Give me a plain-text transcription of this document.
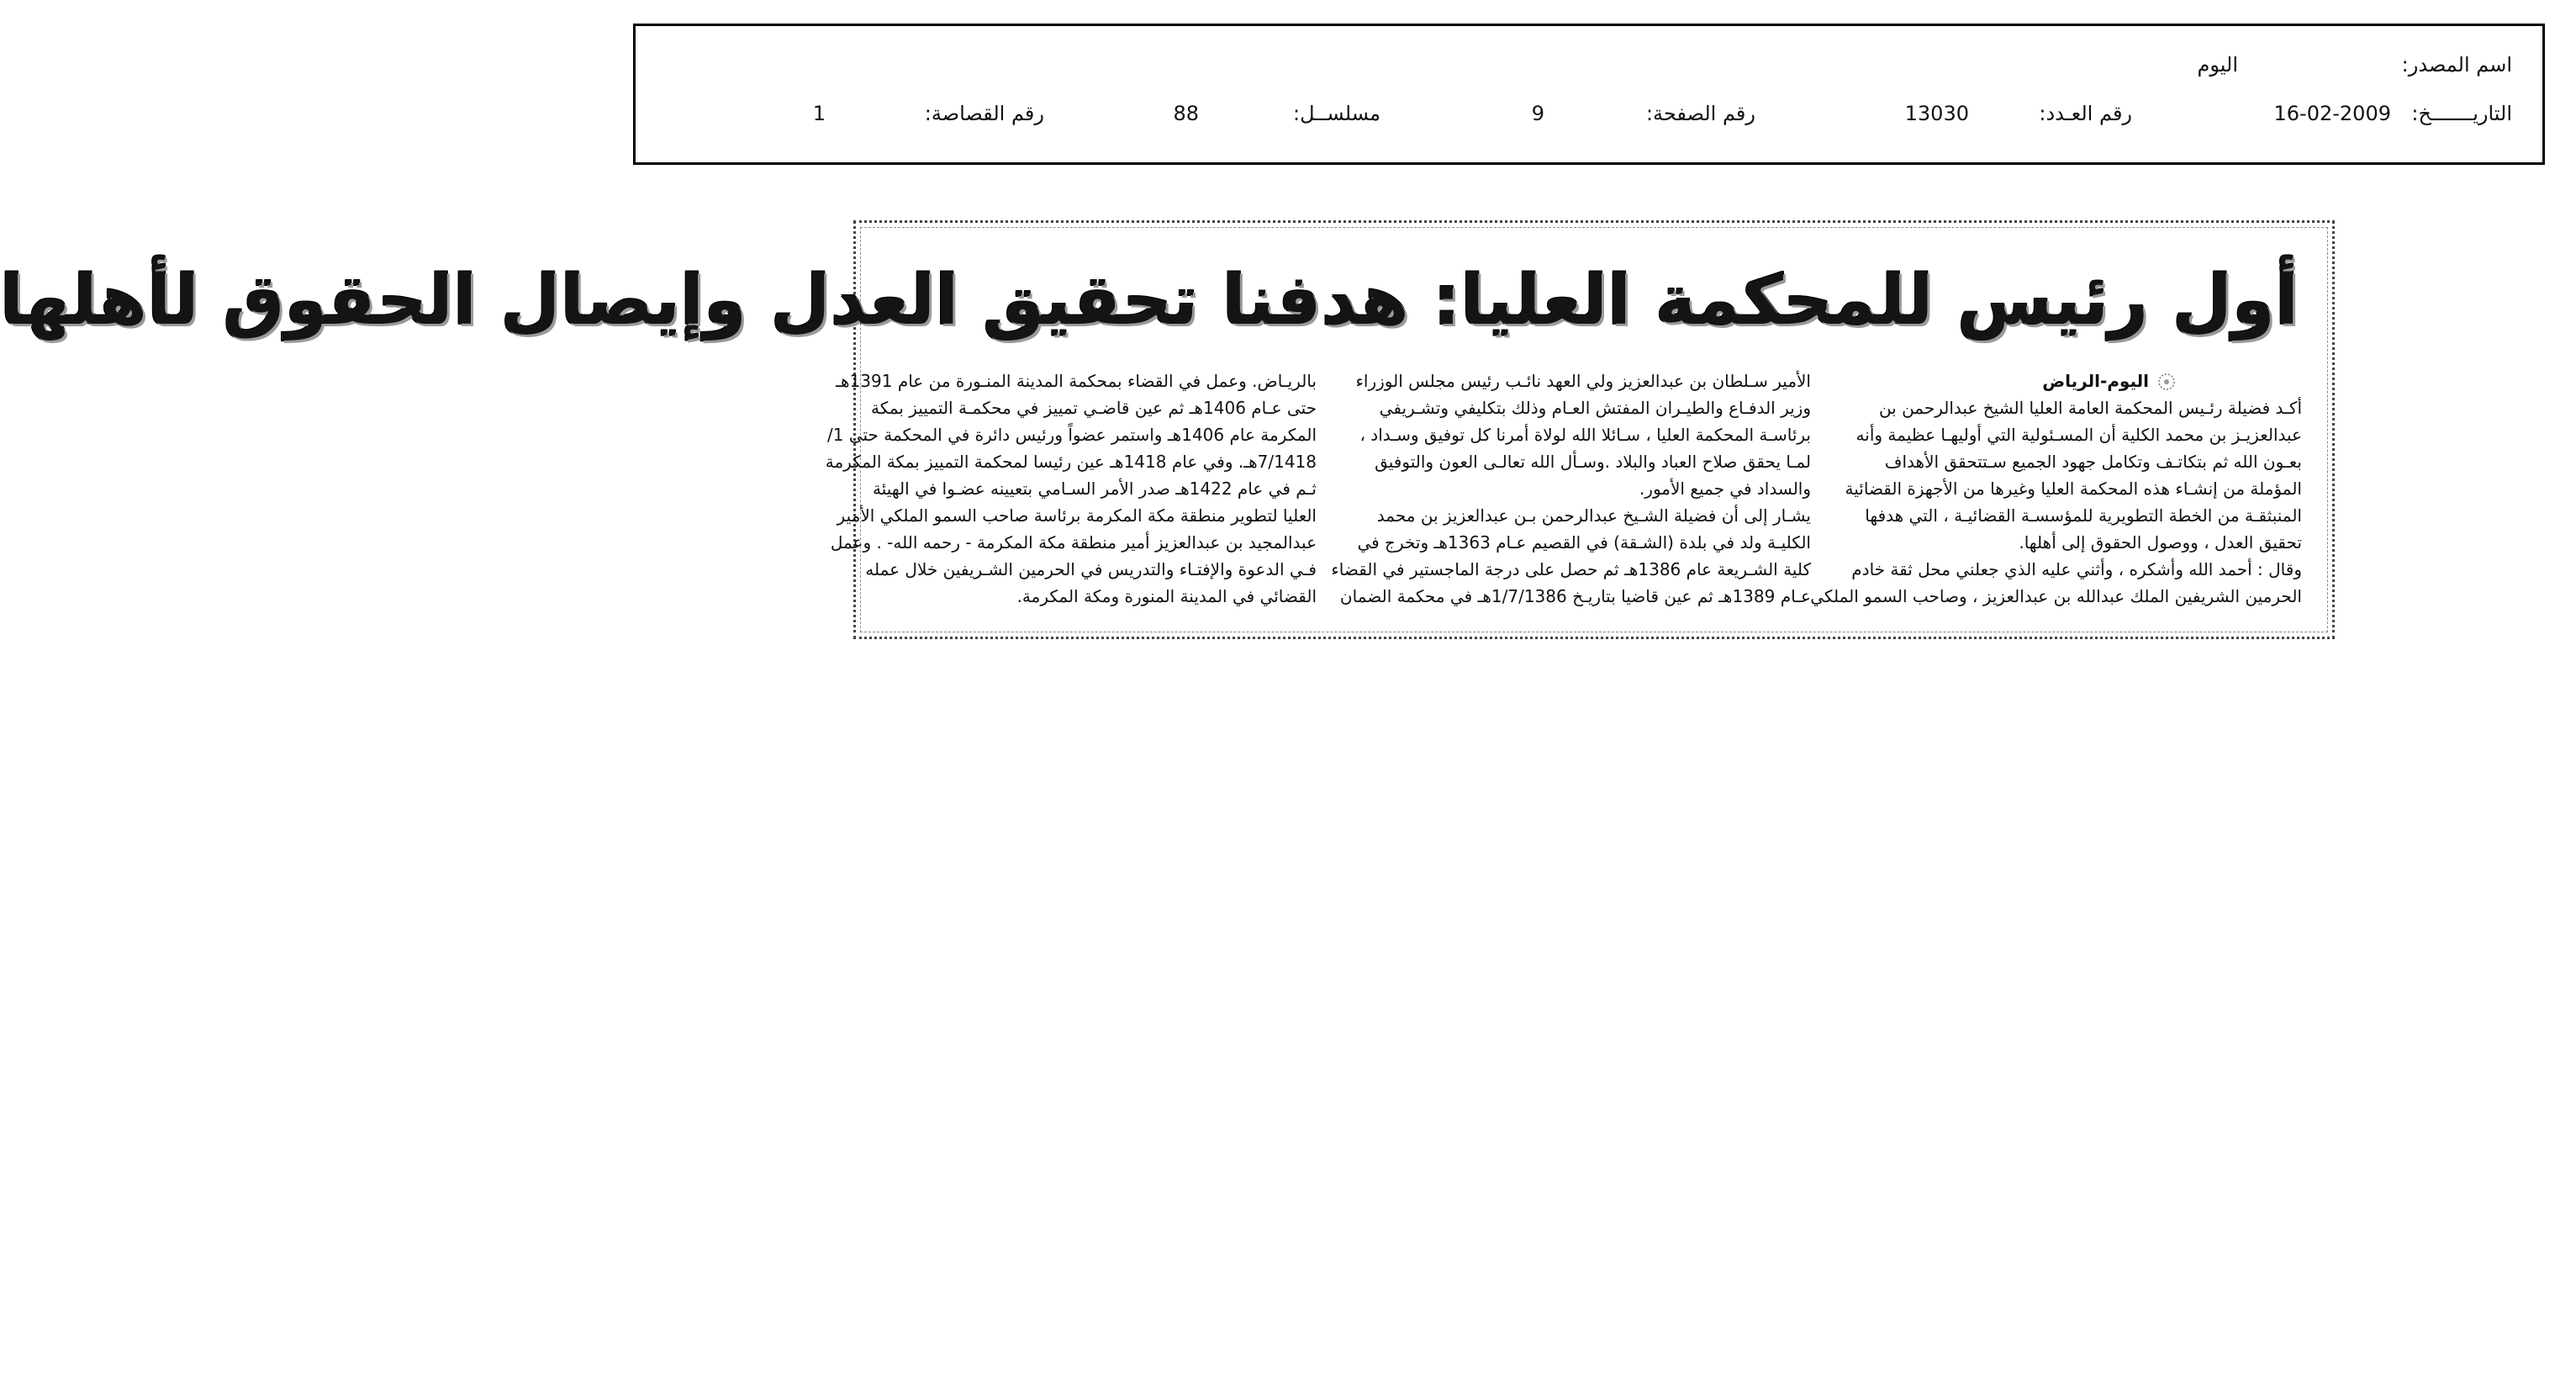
اسم المصدر:
اليوم
التاريـــــــخ:
16-02-2009
رقم العـدد:
13030
رقم الصفحة:
9
مسلســل:
88
رقم القصاصة:
1
أول رئيس للمحكمة العليا: هدفنا تحقيق العدل وإيصال الحقوق لأهلها
اليوم-الرياض
أكـد فضيلة رئـيس المحكمة العامة العليا الشيخ عبدالرحمن بن
عبدالعزيـز بن محمد الكلية أن المسـئولية التي أوليهـا عظيمة وأنه
بعـون الله ثم بتكاتـف وتكامل جهود الجميع سـتتحقق الأهداف
المؤملة من إنشـاء هذه المحكمة العليا وغيرها من الأجهزة القضائية
المنبثقـة من الخطة التطويرية للمؤسسـة القضائيـة ، التي هدفها
تحقيق العدل ، ووصول الحقوق إلى أهلها.
وقال : أحمد الله وأشكره ، وأثني عليه الذي جعلني محل ثقة خادم
الحرمين الشريفين الملك عبدالله بن عبدالعزيز ، وصاحب السمو الملكي
الأمير سـلطان بن عبدالعزيز ولي العهد نائـب رئيس مجلس الوزراء
وزير الدفـاع والطيـران المفتش العـام وذلك بتكليفي وتشـريفي
برئاسـة المحكمة العليا ، سـائلا الله لولاة أمرنا كل توفيق وسـداد ،
لمـا يحقق صلاح العباد والبلاد .وسـأل الله تعالـى العون والتوفيق
والسداد في جميع الأمور.
يشـار إلى أن فضيلة الشـيخ عبدالرحمن بـن عبدالعزيز بن محمد
الكليـة ولد في بلدة (الشـقة) في القصيم عـام 1363هـ وتخرج في
كلية الشـريعة عام 1386هـ ثم حصل على درجة الماجستير في القضاء
عـام 1389هـ ثم عين قاضيا بتاريـخ 1/7/1386هـ في محكمة الضمان
بالريـاض. وعمل في القضاء بمحكمة المدينة المنـورة من عام 1391هـ
حتى عـام 1406هـ ثم عين قاضـي تمييز في محكمـة التمييز بمكة
المكرمة عام 1406هـ واستمر عضواً ورئيس دائرة في المحكمة حتى 1/
7/1418هـ. وفي عام 1418هـ عين رئيسا لمحكمة التمييز بمكة المكرمة
ثـم في عام 1422هـ صدر الأمر السـامي بتعيينه عضـوا في الهيئة
العليا لتطوير منطقة مكة المكرمة برئاسة صاحب السمو الملكي الأمير
عبدالمجيد بن عبدالعزيز أمير منطقة مكة المكرمة - رحمه الله- . وعمل
فـي الدعوة والإفتـاء والتدريس في الحرمين الشـريفين خلال عمله
القضائي في المدينة المنورة ومكة المكرمة.
